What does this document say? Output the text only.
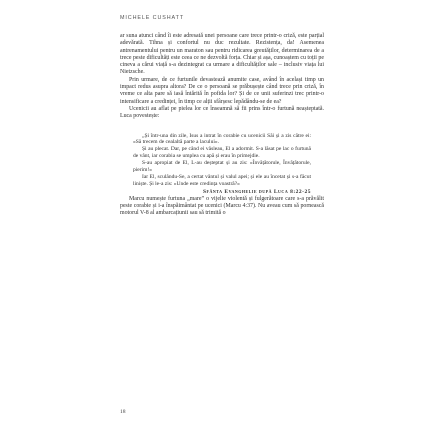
MICHELE CUSHATT

ar suna atunci când îi este adresată unei persoane care trece printr-o criză, este parțial adevărată. Tihna și confortul nu duc rezultate. Rezistența, da! Asemenea antrenamentului pentru un maraton sau pentru ridicarea greutăților, determinarea de a trece peste dificultăți este ceea ce ne dezvoltă forța. Chiar și așa, cunoaștem cu toții pe cineva a cărui viață s-a dezintegrat ca urmare a dificultăților sale – inclusiv viața lui Nietzsche.

Prin urmare, de ce furtunile devastează anumite case, având în același timp un impact redus asupra altora? De ce o persoană se prăbușește când trece prin criză, în vreme ce alta pare să iasă întărită în pofida lor? Și de ce unii suferinzi trec printr-o intensificare a credinței, în timp ce alții sfârșesc lepădându-se de ea?

Ucenicii au aflat pe pielea lor ce înseamnă să fii prins într-o furtună neașteptată. Luca povestește:

„Și într-una din zile, Isus a intrat în corabie cu ucenicii Săi și a zis către ei: «Să trecem de cealaltă parte a lacului».

Și au plecat. Dar, pe când ei vâsleau, El a adormit. S-a lăsat pe lac o furtună de vânt, iar corabia se umplea cu apă și erau în primejdie.

S-au apropiat de El, L-au deșteptat și au zis: «Învățătorule, Învățătorule, pierim!»

Iar El, sculându-Se, a certat vântul și valul apei; și ele au încetat și s-a făcut liniște. Și le-a zis: «Unde este credința voastră?»

Sfânta Evanghelie după Luca 8:22-25

Marcu numește furtuna „mare” o vijelie violentă și fulgerătoare care s-a prăvălit peste corabie și i-a înspăimântat pe ucenici (Marcu 4:37). Nu aveau cum să pornească motorul V-8 al ambarcațiunii sau să trimită o

18
